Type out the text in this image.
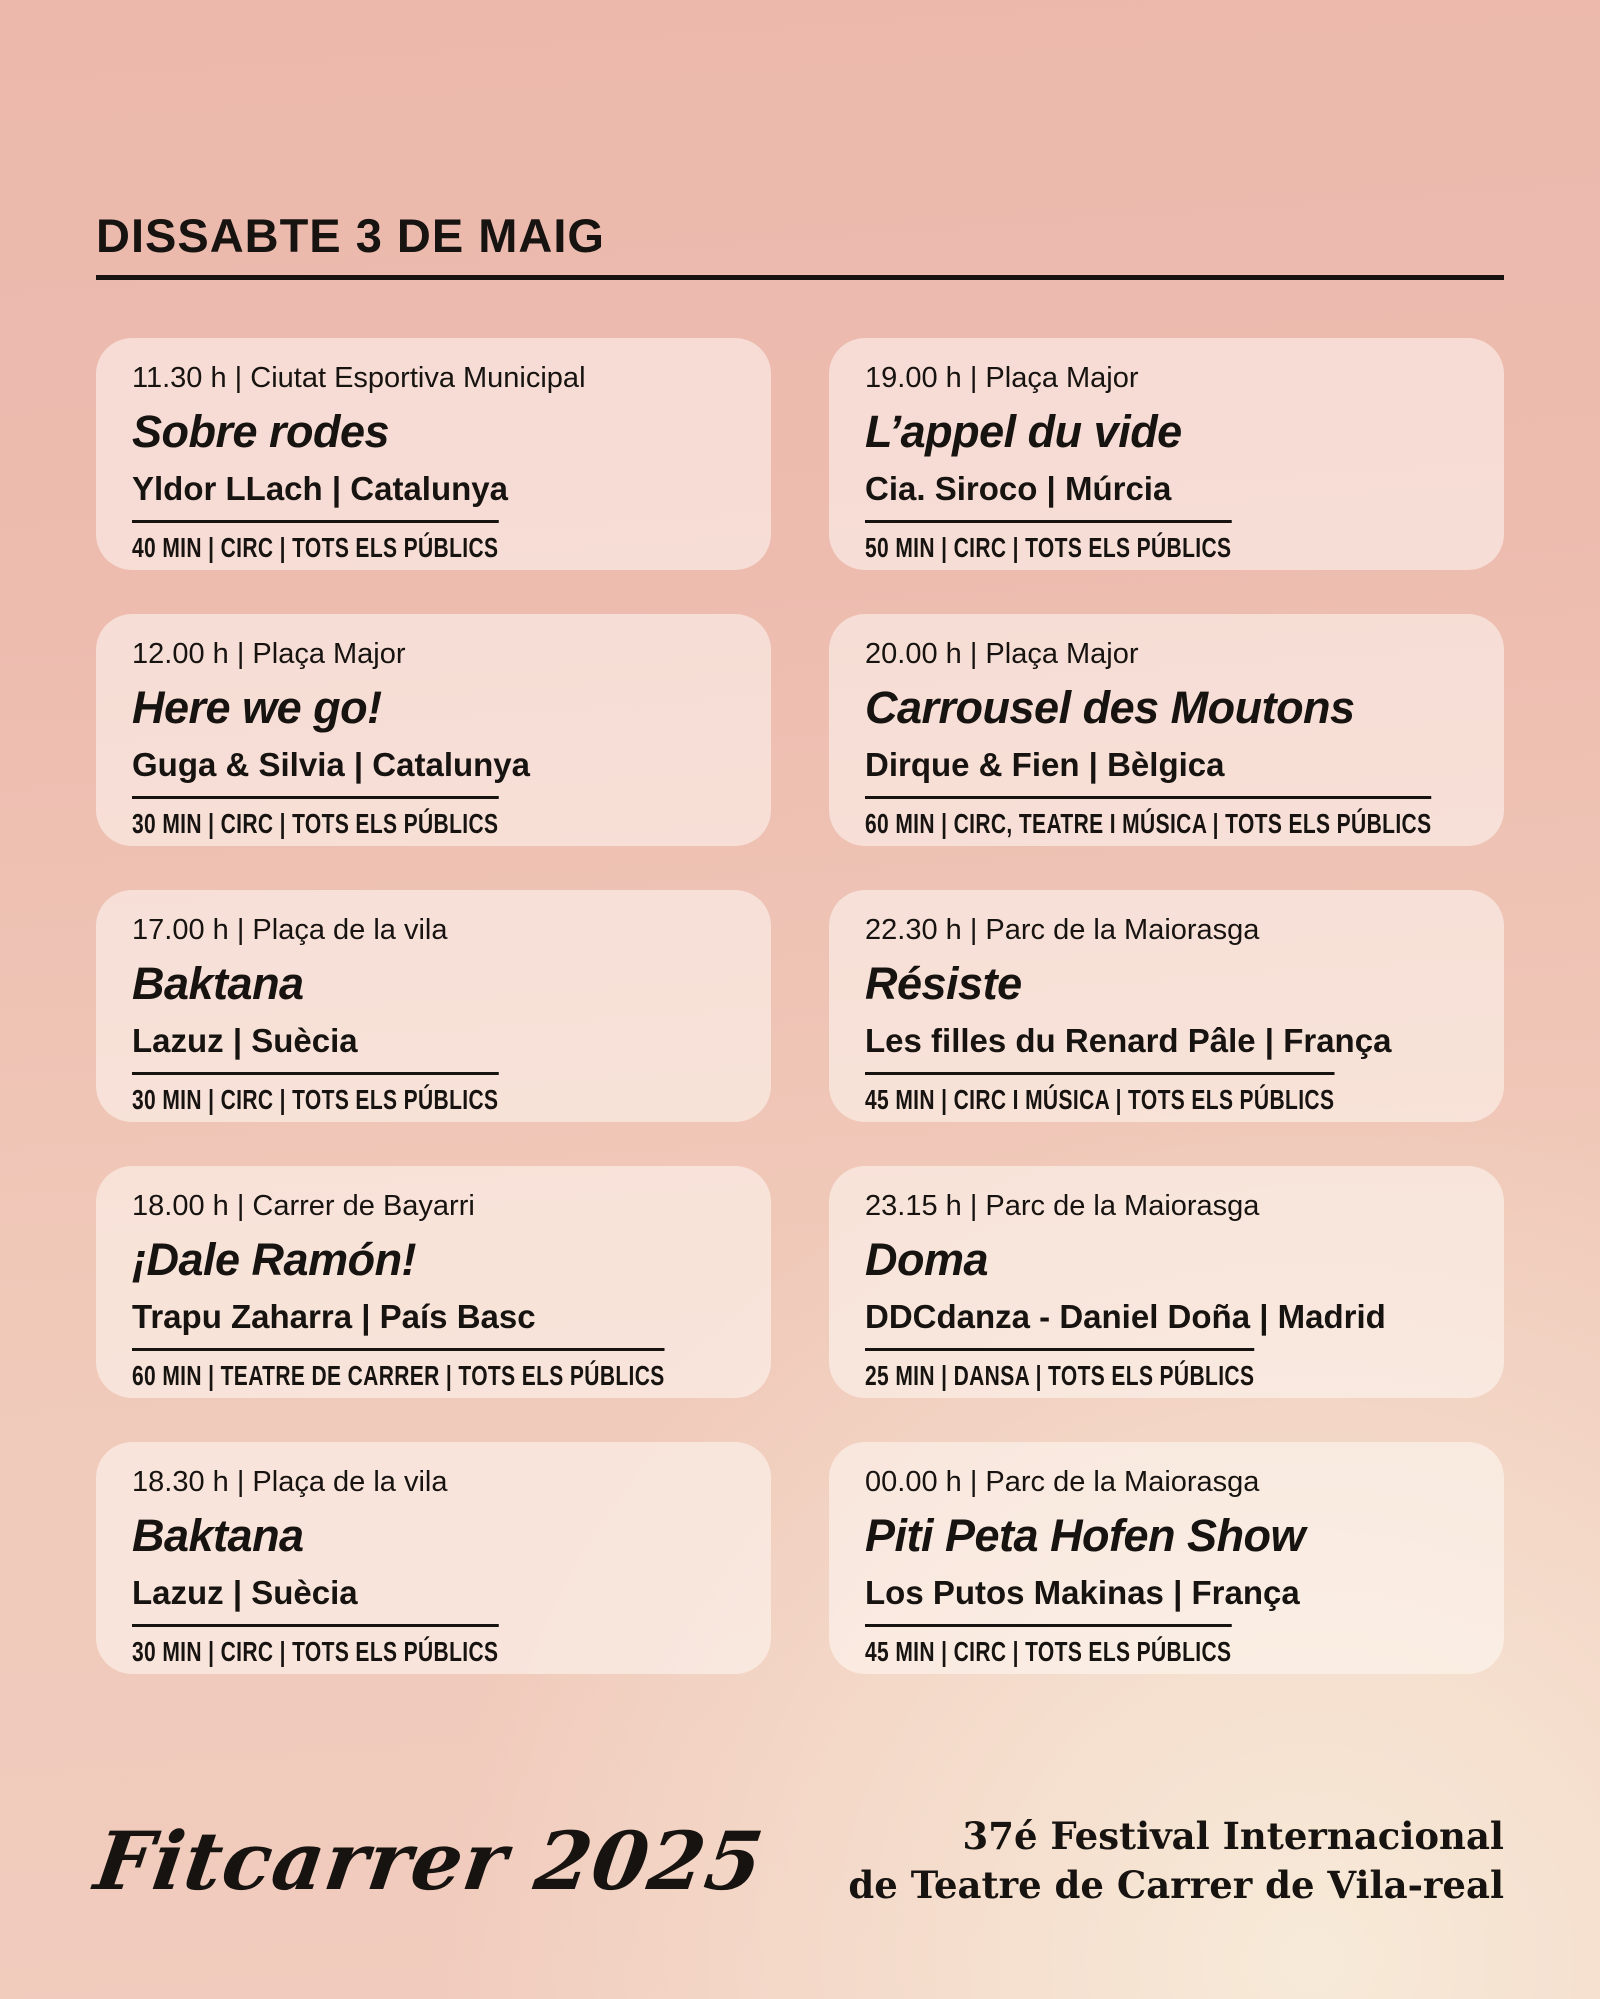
DISSABTE 3 DE MAIG
11.30 h | Ciutat Esportiva Municipal
Sobre rodes
Yldor LLach | Catalunya
40 MIN | CIRC | TOTS ELS PÚBLICS
12.00 h | Plaça Major
Here we go!
Guga & Silvia | Catalunya
30 MIN | CIRC | TOTS ELS PÚBLICS
17.00 h | Plaça de la vila
Baktana
Lazuz | Suècia
30 MIN | CIRC | TOTS ELS PÚBLICS
18.00 h | Carrer de Bayarri
¡Dale Ramón!
Trapu Zaharra | País Basc
60 MIN | TEATRE DE CARRER | TOTS ELS PÚBLICS
18.30 h | Plaça de la vila
Baktana
Lazuz | Suècia
30 MIN | CIRC | TOTS ELS PÚBLICS
19.00 h | Plaça Major
L’appel du vide
Cia. Siroco | Múrcia
50 MIN | CIRC | TOTS ELS PÚBLICS
20.00 h | Plaça Major
Carrousel des Moutons
Dirque & Fien | Bèlgica
60 MIN | CIRC, TEATRE I MÚSICA | TOTS ELS PÚBLICS
22.30 h | Parc de la Maiorasga
Résiste
Les filles du Renard Pâle | França
45 MIN | CIRC I MÚSICA | TOTS ELS PÚBLICS
23.15 h | Parc de la Maiorasga
Doma
DDCdanza - Daniel Doña | Madrid
25 MIN | DANSA | TOTS ELS PÚBLICS
00.00 h | Parc de la Maiorasga
Piti Peta Hofen Show
Los Putos Makinas | França
45 MIN | CIRC | TOTS ELS PÚBLICS
Fitcarrer 2025	37é Festival Internacional
de Teatre de Carrer de Vila-real
